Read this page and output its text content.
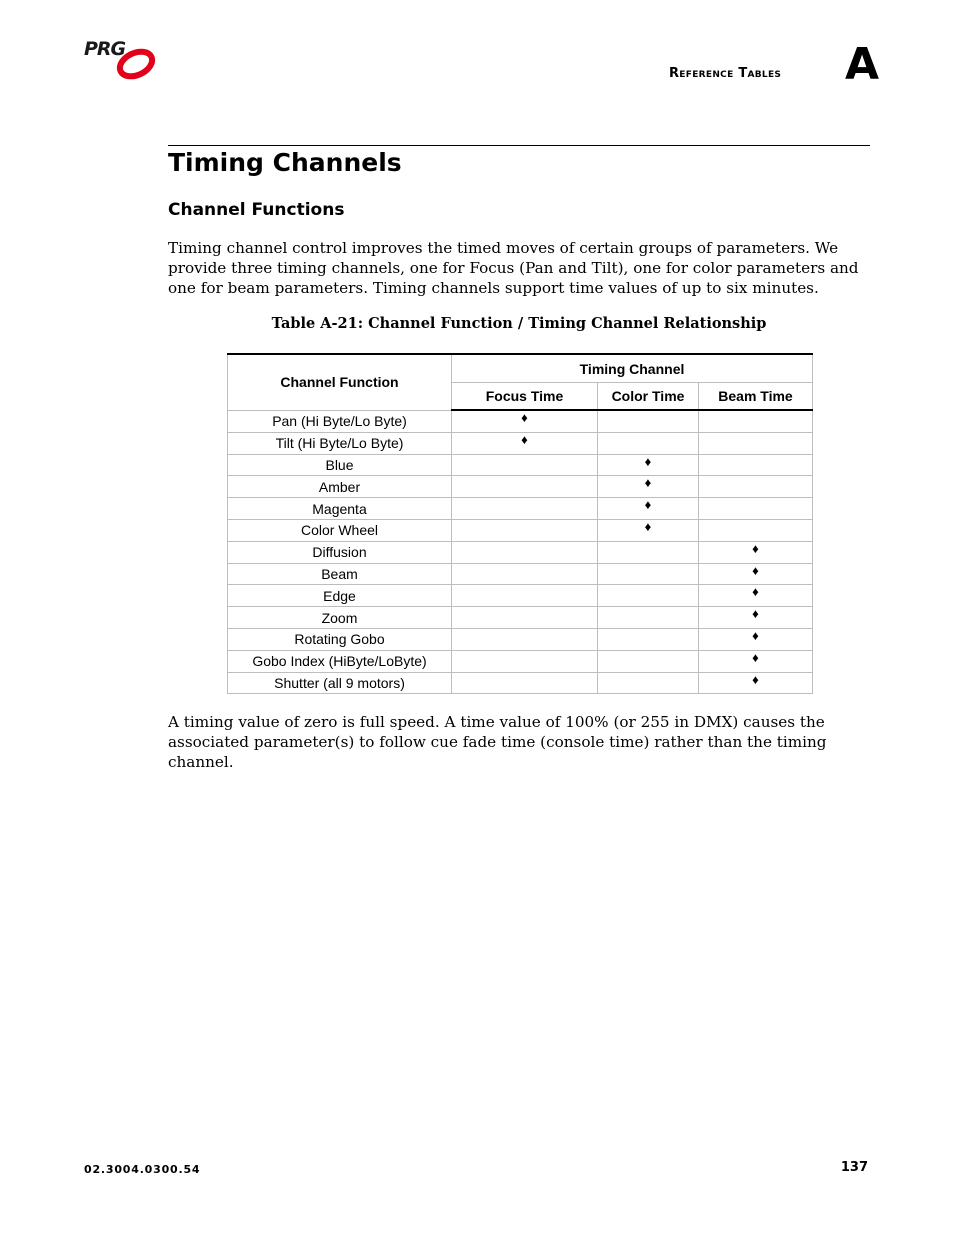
PRG
Reference Tables A
Timing Channels
Channel Functions

Timing channel control improves the timed moves of certain groups of parameters. We provide three timing channels, one for Focus (Pan and Tilt), one for color parameters and one for beam parameters. Timing channels support time values of up to six minutes.

Table A-21: Channel Function / Timing Channel Relationship
Channel Function	Timing Channel		
	Focus Time	Color Time	Beam Time
Pan (Hi Byte/Lo Byte)	♦		
Tilt (Hi Byte/Lo Byte)	♦		
Blue		♦	
Amber		♦	
Magenta		♦	
Color Wheel		♦	
Diffusion			♦
Beam			♦
Edge			♦
Zoom			♦
Rotating Gobo			♦
Gobo Index (HiByte/LoByte)			♦
Shutter (all 9 motors)			♦

A timing value of zero is full speed. A time value of 100% (or 255 in DMX) causes the associated parameter(s) to follow cue fade time (console time) rather than the timing channel.

02.3004.0300.54	137
